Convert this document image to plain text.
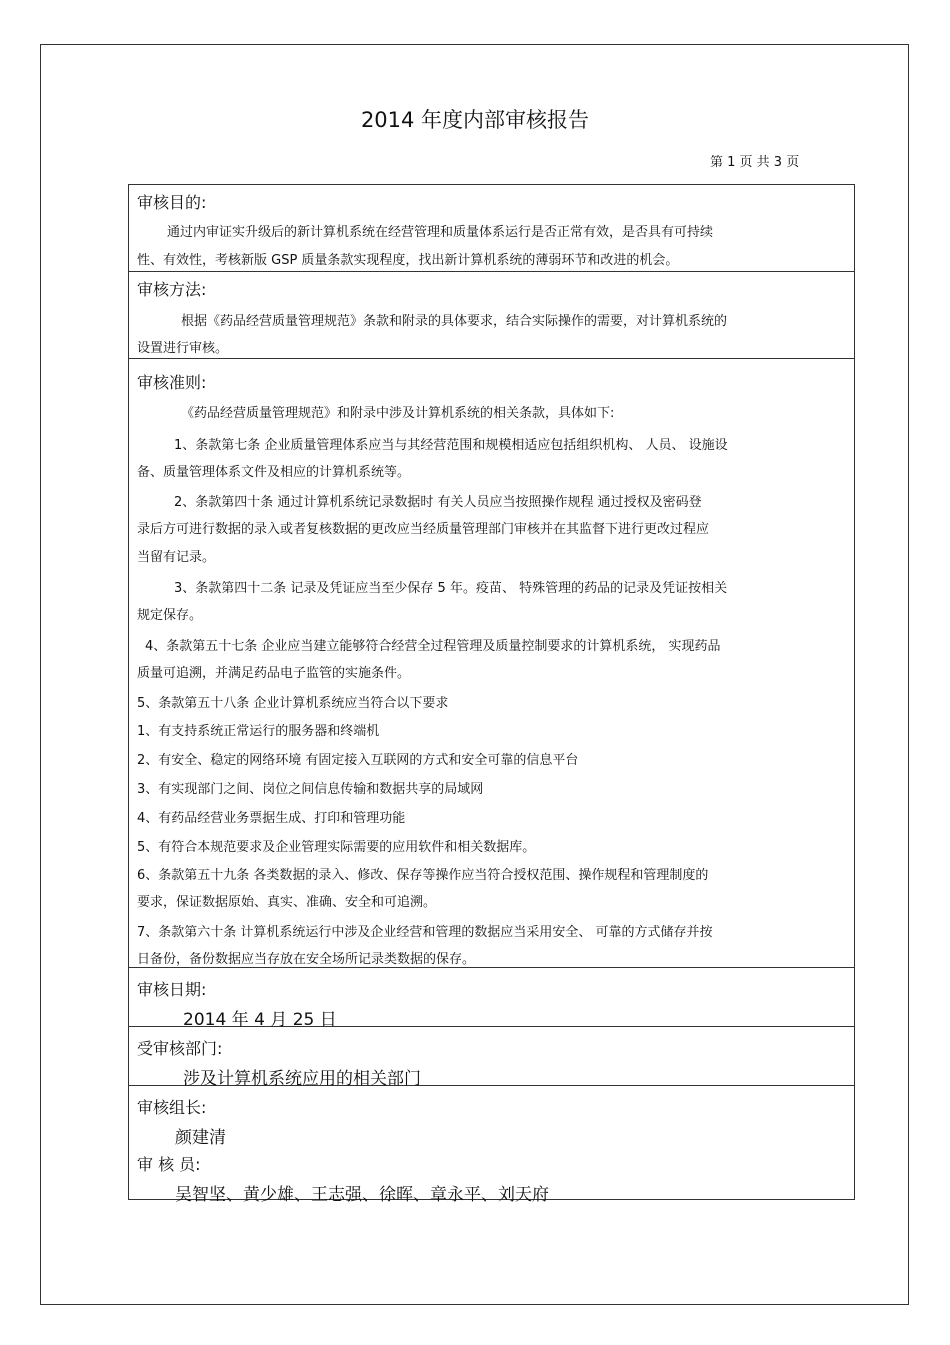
2014 年度内部审核报告
第 1 页 共 3 页
审核目的:
通过内审证实升级后的新计算机系统在经营管理和质量体系运行是否正常有效，是否具有可持续
性、有效性，考核新版 GSP 质量条款实现程度，找出新计算机系统的薄弱环节和改进的机会。
审核方法:
根据《药品经营质量管理规范》条款和附录的具体要求，结合实际操作的需要，对计算机系统的
设置进行审核。
审核准则:
《药品经营质量管理规范》和附录中涉及计算机系统的相关条款，具体如下:
1、条款第七条 企业质量管理体系应当与其经营范围和规模相适应包括组织机构、 人员、 设施设
备、质量管理体系文件及相应的计算机系统等。
2、条款第四十条 通过计算机系统记录数据时 有关人员应当按照操作规程 通过授权及密码登
录后方可进行数据的录入或者复核数据的更改应当经质量管理部门审核并在其监督下进行更改过程应
当留有记录。
3、条款第四十二条 记录及凭证应当至少保存 5 年。疫苗、 特殊管理的药品的记录及凭证按相关
规定保存。
4、条款第五十七条 企业应当建立能够符合经营全过程管理及质量控制要求的计算机系统， 实现药品
质量可追溯，并满足药品电子监管的实施条件。
5、条款第五十八条 企业计算机系统应当符合以下要求
1、有支持系统正常运行的服务器和终端机
2、有安全、稳定的网络环境 有固定接入互联网的方式和安全可靠的信息平台
3、有实现部门之间、岗位之间信息传输和数据共享的局域网
4、有药品经营业务票据生成、打印和管理功能
5、有符合本规范要求及企业管理实际需要的应用软件和相关数据库。
6、条款第五十九条 各类数据的录入、修改、保存等操作应当符合授权范围、操作规程和管理制度的
要求，保证数据原始、真实、准确、安全和可追溯。
7、条款第六十条 计算机系统运行中涉及企业经营和管理的数据应当采用安全、 可靠的方式储存并按
日备份，备份数据应当存放在安全场所记录类数据的保存。
审核日期:
2014 年 4 月 25 日
受审核部门:
涉及计算机系统应用的相关部门
审核组长:
颜建清
审 核 员:
吴智坚、黄少雄、王志强、徐晖、章永平、刘天府
